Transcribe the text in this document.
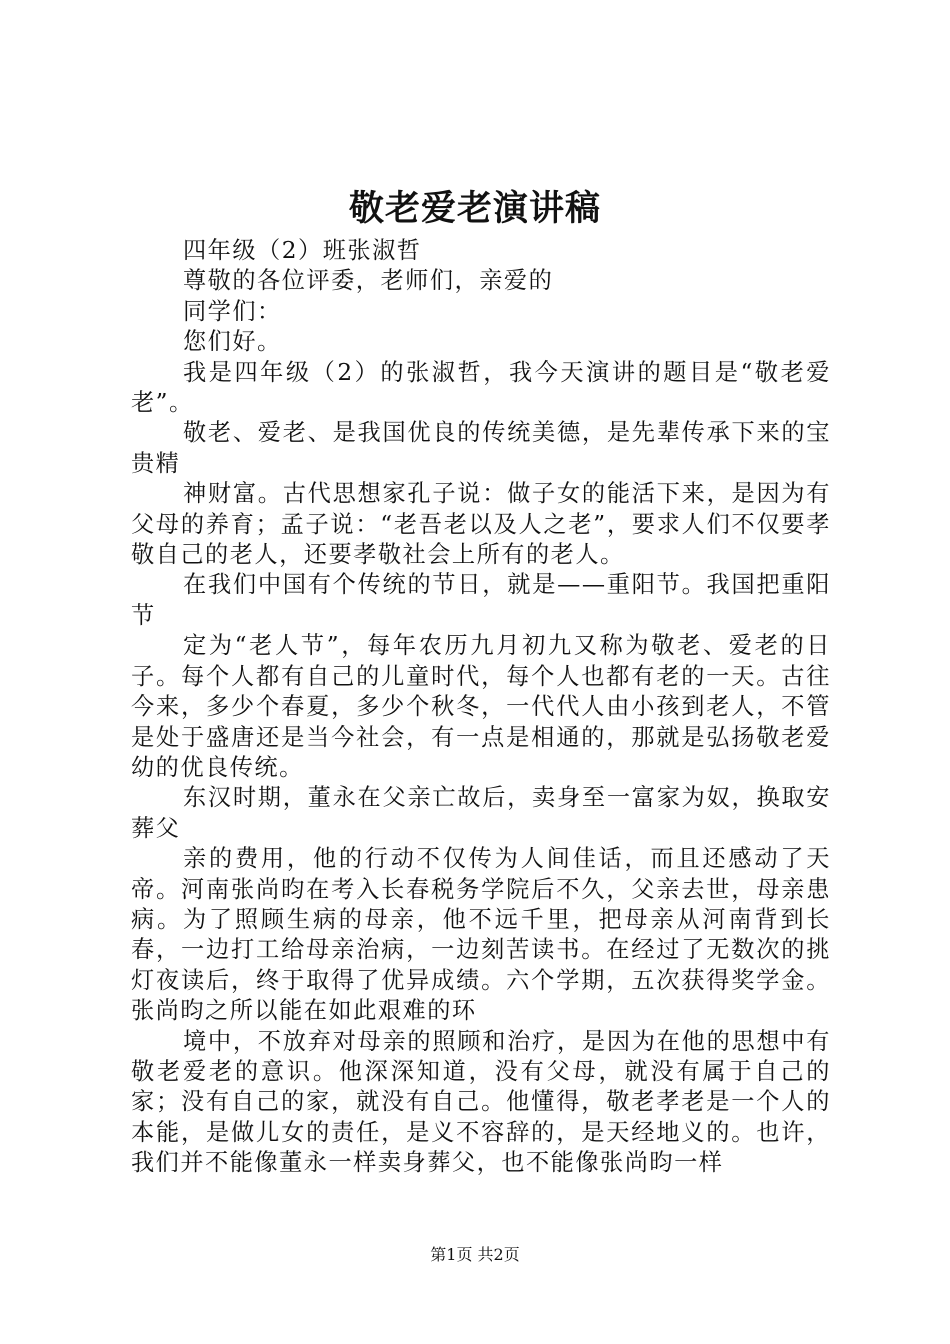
敬老爱老演讲稿

四年级（2）班张淑哲

尊敬的各位评委，老师们，亲爱的

同学们：

您们好。

我是四年级（2）的张淑哲，我今天演讲的题目是“敬老爱老”。

敬老、爱老、是我国优良的传统美德，是先辈传承下来的宝贵精

神财富。古代思想家孔子说：做子女的能活下来，是因为有父母的养育；孟子说：“老吾老以及人之老”，要求人们不仅要孝敬自己的老人，还要孝敬社会上所有的老人。

在我们中国有个传统的节日，就是——重阳节。我国把重阳节

定为“老人节”，每年农历九月初九又称为敬老、爱老的日子。每个人都有自己的儿童时代，每个人也都有老的一天。古往今来，多少个春夏，多少个秋冬，一代代人由小孩到老人，不管是处于盛唐还是当今社会，有一点是相通的，那就是弘扬敬老爱幼的优良传统。

东汉时期，董永在父亲亡故后，卖身至一富家为奴，换取安葬父

亲的费用，他的行动不仅传为人间佳话，而且还感动了天帝。河南张尚昀在考入长春税务学院后不久，父亲去世，母亲患病。为了照顾生病的母亲，他不远千里，把母亲从河南背到长春，一边打工给母亲治病，一边刻苦读书。在经过了无数次的挑灯夜读后，终于取得了优异成绩。六个学期，五次获得奖学金。张尚昀之所以能在如此艰难的环

境中，不放弃对母亲的照顾和治疗，是因为在他的思想中有敬老爱老的意识。他深深知道，没有父母，就没有属于自己的家；没有自己的家，就没有自己。他懂得，敬老孝老是一个人的本能，是做儿女的责任，是义不容辞的，是天经地义的。也许，我们并不能像董永一样卖身葬父，也不能像张尚昀一样

第1页 共2页
